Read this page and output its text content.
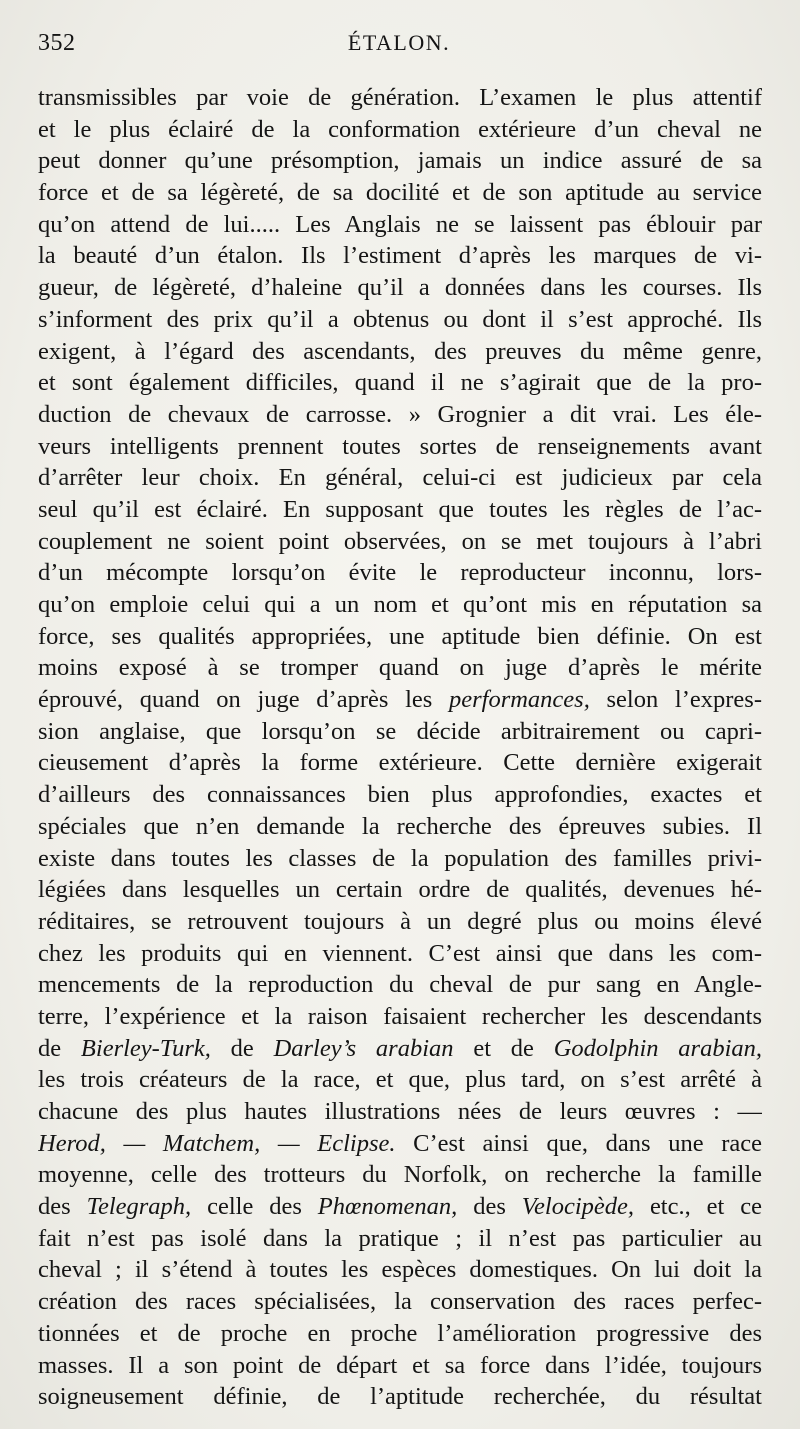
352	ÉTALON.
transmissibles par voie de génération. L’examen le plus attentif
et le plus éclairé de la conformation extérieure d’un cheval ne
peut donner qu’une présomption, jamais un indice assuré de sa
force et de sa légèreté, de sa docilité et de son aptitude au service
qu’on attend de lui..... Les Anglais ne se laissent pas éblouir par
la beauté d’un étalon. Ils l’estiment d’après les marques de vi-
gueur, de légèreté, d’haleine qu’il a données dans les courses. Ils
s’informent des prix qu’il a obtenus ou dont il s’est approché. Ils
exigent, à l’égard des ascendants, des preuves du même genre,
et sont également difficiles, quand il ne s’agirait que de la pro-
duction de chevaux de carrosse. » Grognier a dit vrai. Les éle-
veurs intelligents prennent toutes sortes de renseignements avant
d’arrêter leur choix. En général, celui-ci est judicieux par cela
seul qu’il est éclairé. En supposant que toutes les règles de l’ac-
couplement ne soient point observées, on se met toujours à l’abri
d’un mécompte lorsqu’on évite le reproducteur inconnu, lors-
qu’on emploie celui qui a un nom et qu’ont mis en réputation sa
force, ses qualités appropriées, une aptitude bien définie. On est
moins exposé à se tromper quand on juge d’après le mérite
éprouvé, quand on juge d’après les performances, selon l’expres-
sion anglaise, que lorsqu’on se décide arbitrairement ou capri-
cieusement d’après la forme extérieure. Cette dernière exigerait
d’ailleurs des connaissances bien plus approfondies, exactes et
spéciales que n’en demande la recherche des épreuves subies. Il
existe dans toutes les classes de la population des familles privi-
légiées dans lesquelles un certain ordre de qualités, devenues hé-
réditaires, se retrouvent toujours à un degré plus ou moins élevé
chez les produits qui en viennent. C’est ainsi que dans les com-
mencements de la reproduction du cheval de pur sang en Angle-
terre, l’expérience et la raison faisaient rechercher les descendants
de Bierley-Turk, de Darley’s arabian et de Godolphin arabian,
les trois créateurs de la race, et que, plus tard, on s’est arrêté à
chacune des plus hautes illustrations nées de leurs œuvres : —
Herod, — Matchem, — Eclipse. C’est ainsi que, dans une race
moyenne, celle des trotteurs du Norfolk, on recherche la famille
des Telegraph, celle des Phœnomenan, des Velocipède, etc., et ce
fait n’est pas isolé dans la pratique ; il n’est pas particulier au
cheval ; il s’étend à toutes les espèces domestiques. On lui doit la
création des races spécialisées, la conservation des races perfec-
tionnées et de proche en proche l’amélioration progressive des
masses. Il a son point de départ et sa force dans l’idée, toujours
soigneusement définie, de l’aptitude recherchée, du résultat
